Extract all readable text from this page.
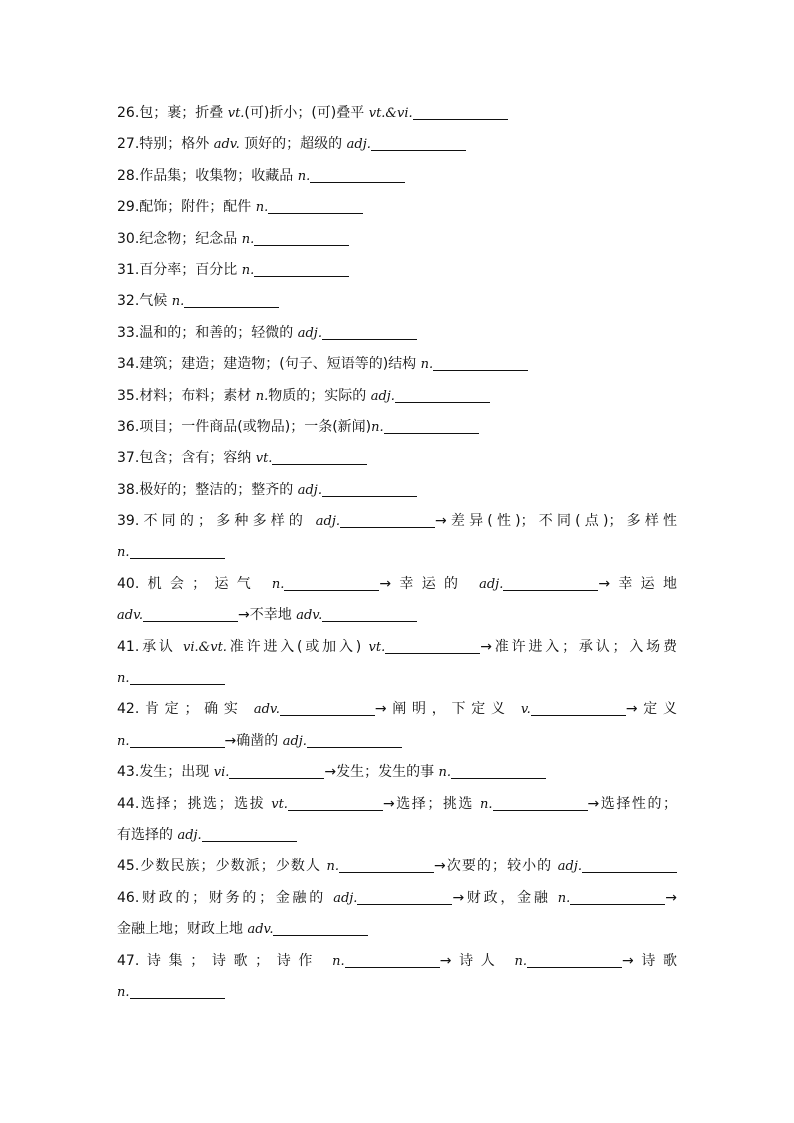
26.包；裹；折叠 vt.(可)折小；(可)叠平 vt.&vi.
27.特别；格外 adv. 顶好的；超级的 adj.
28.作品集；收集物；收藏品 n.
29.配饰；附件；配件 n.
30.纪念物；纪念品 n.
31.百分率；百分比 n.
32.气候 n.
33.温和的；和善的；轻微的 adj.
34.建筑；建造；建造物；(句子、短语等的)结构 n.
35.材料；布料；素材 n.物质的；实际的 adj.
36.项目；一件商品(或物品)；一条(新闻)n.
37.包含；含有；容纳 vt.
38.极好的；整洁的；整齐的 adj.
39.不同的；多种多样的 adj.	→差异(性)；不同(点)；多样性
n.
40.机会；运气 n.	→幸运的 adj.	→幸运地
adv.	→不幸地 adv.
41.承认 vi.&vt.准许进入(或加入) vt.	→准许进入；承认；入场费
n.
42.肯定；确实 adv.	→阐明，下定义 v.	→定义
n.	→确凿的 adj.
43.发生；出现 vi.	→发生；发生的事 n.
44.选择；挑选；选拔 vt.	→选择；挑选 n.	→选择性的；
有选择的 adj.
45.少数民族；少数派；少数人 n.	→次要的；较小的 adj.
46.财政的；财务的；金融的 adj.	→财政，金融 n.	→
金融上地；财政上地 adv.
47.诗集；诗歌；诗作 n.	→诗人 n.	→诗歌
n.
